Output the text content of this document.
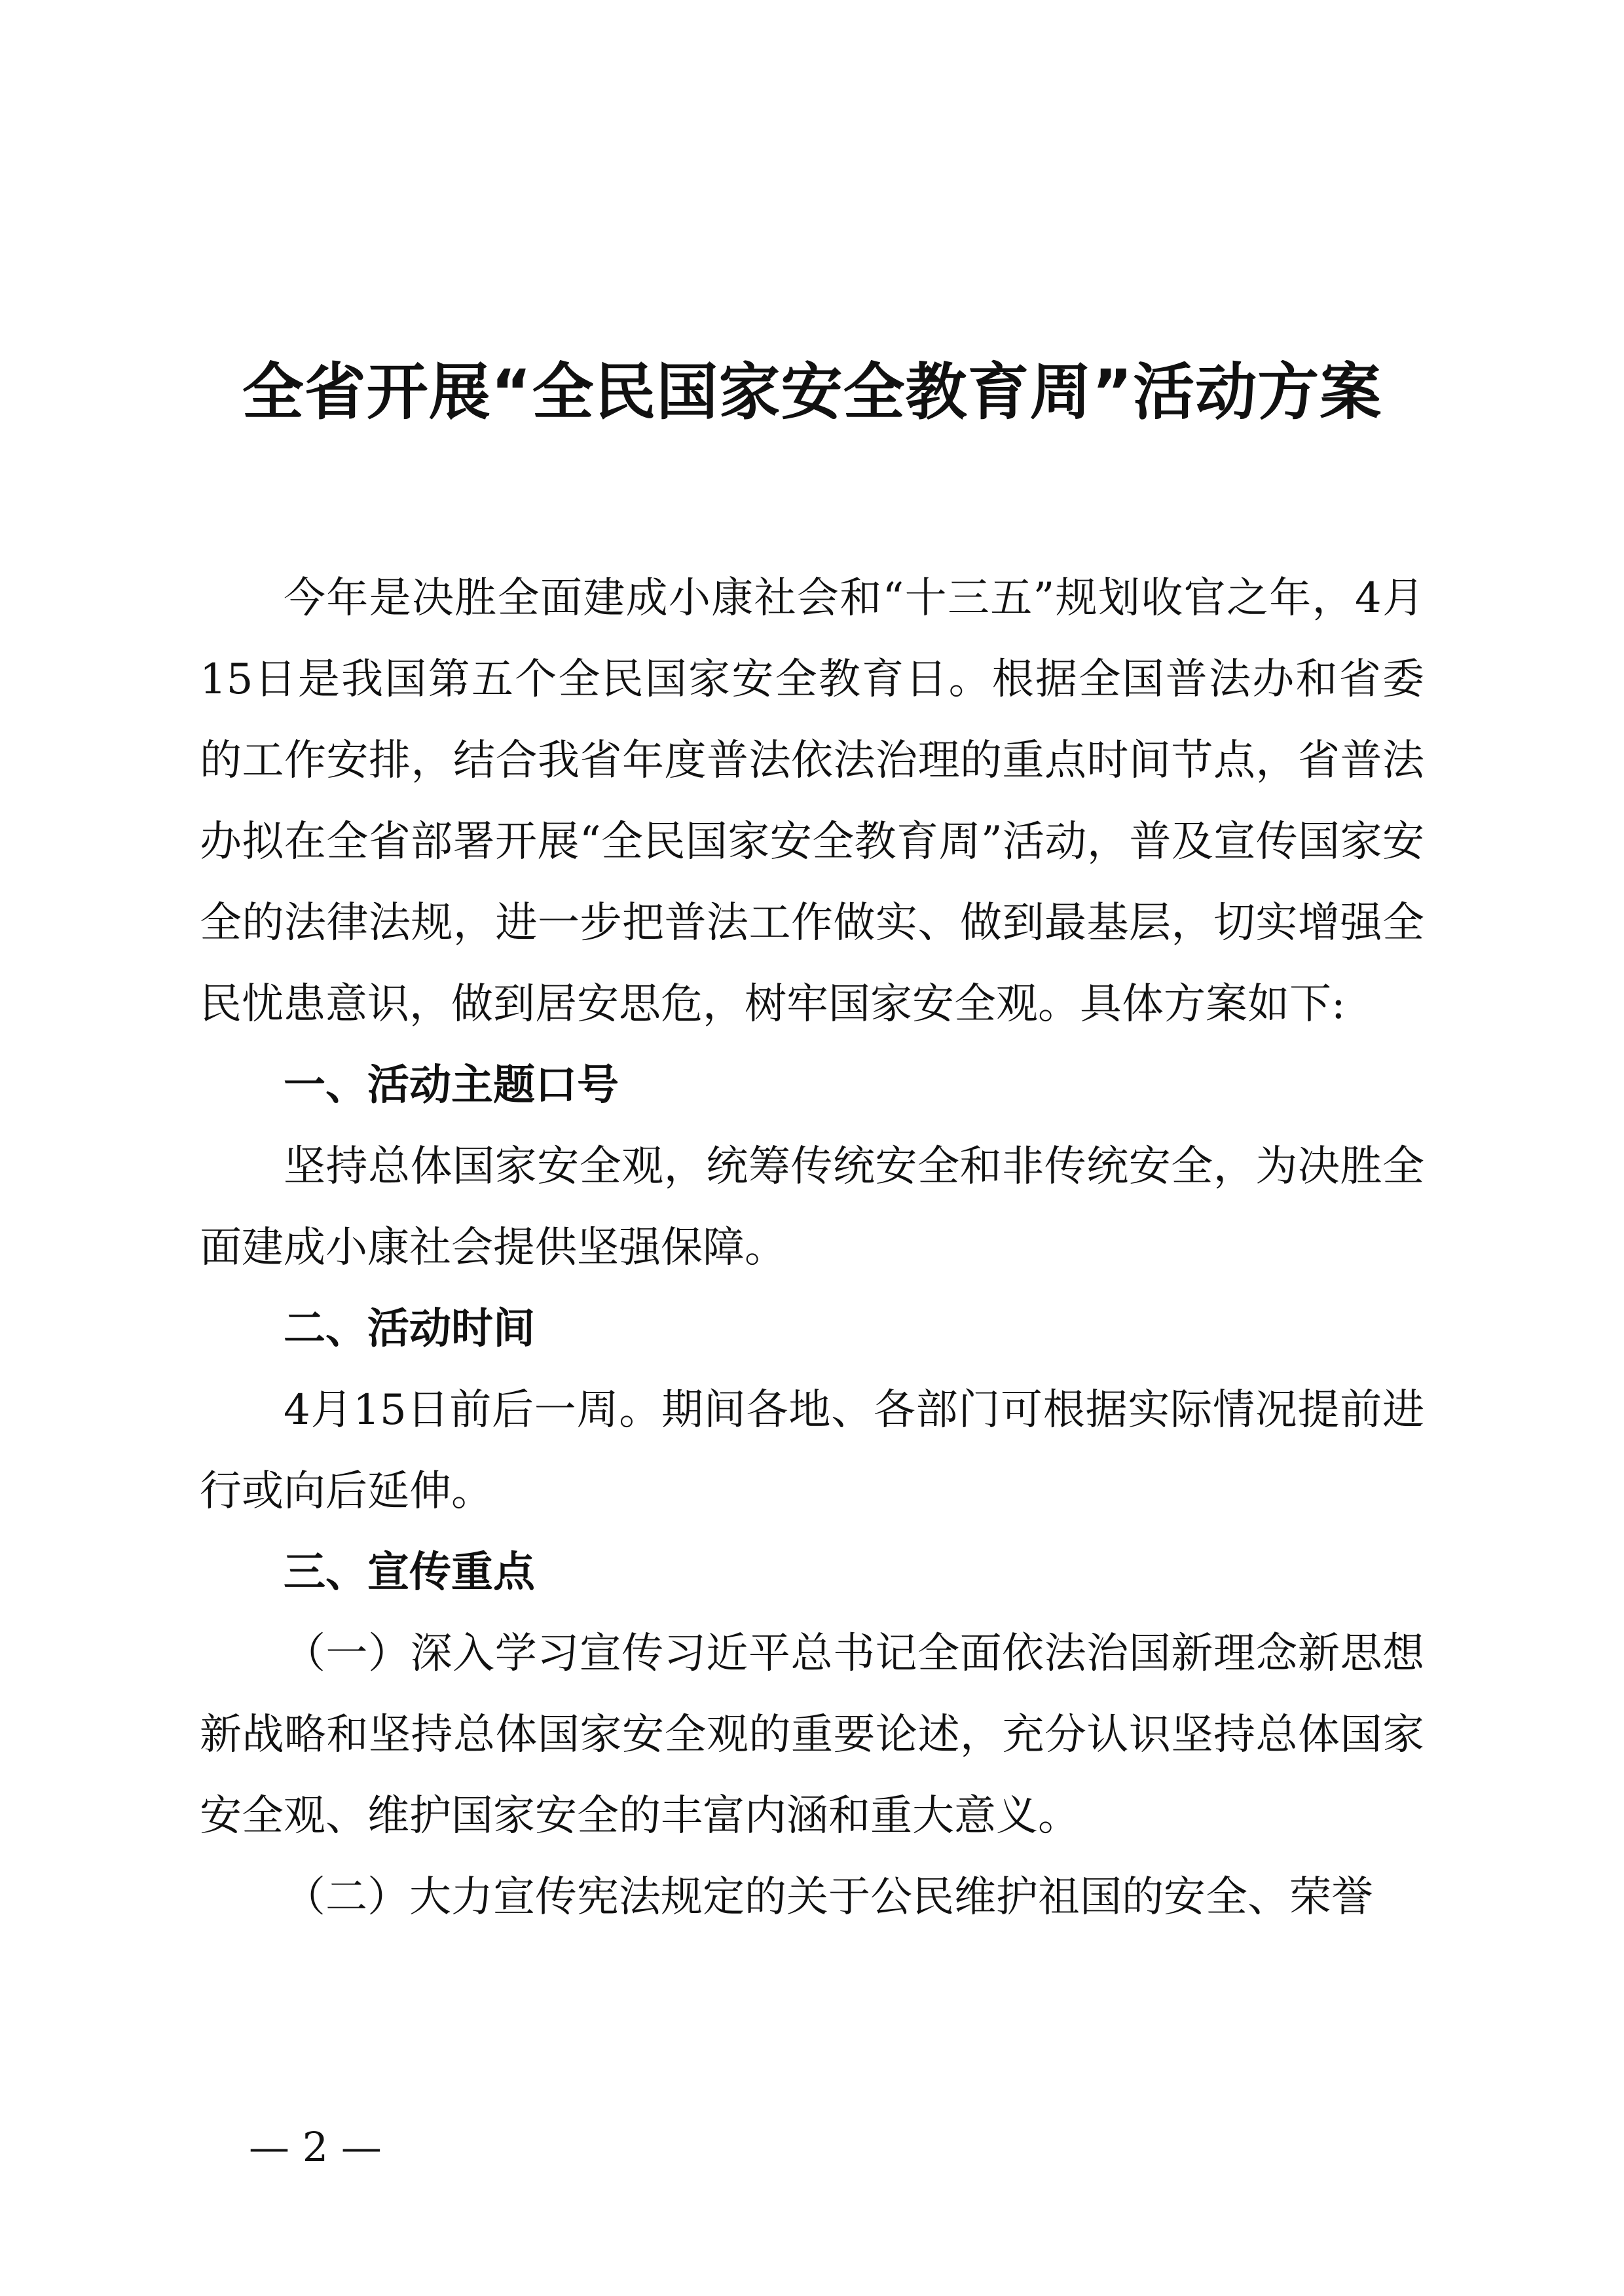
全省开展“全民国家安全教育周”活动方案

今年是决胜全面建成小康社会和“十三五”规划收官之年，4月15日是我国第五个全民国家安全教育日。根据全国普法办和省委的工作安排，结合我省年度普法依法治理的重点时间节点，省普法办拟在全省部署开展“全民国家安全教育周”活动，普及宣传国家安全的法律法规，进一步把普法工作做实、做到最基层，切实增强全民忧患意识，做到居安思危，树牢国家安全观。具体方案如下:

一、活动主题口号

坚持总体国家安全观，统筹传统安全和非传统安全，为决胜全面建成小康社会提供坚强保障。

二、活动时间

4月15日前后一周。期间各地、各部门可根据实际情况提前进行或向后延伸。

三、宣传重点

（一）深入学习宣传习近平总书记全面依法治国新理念新思想新战略和坚持总体国家安全观的重要论述，充分认识坚持总体国家安全观、维护国家安全的丰富内涵和重大意义。

（二）大力宣传宪法规定的关于公民维护祖国的安全、荣誉

— 2 —
